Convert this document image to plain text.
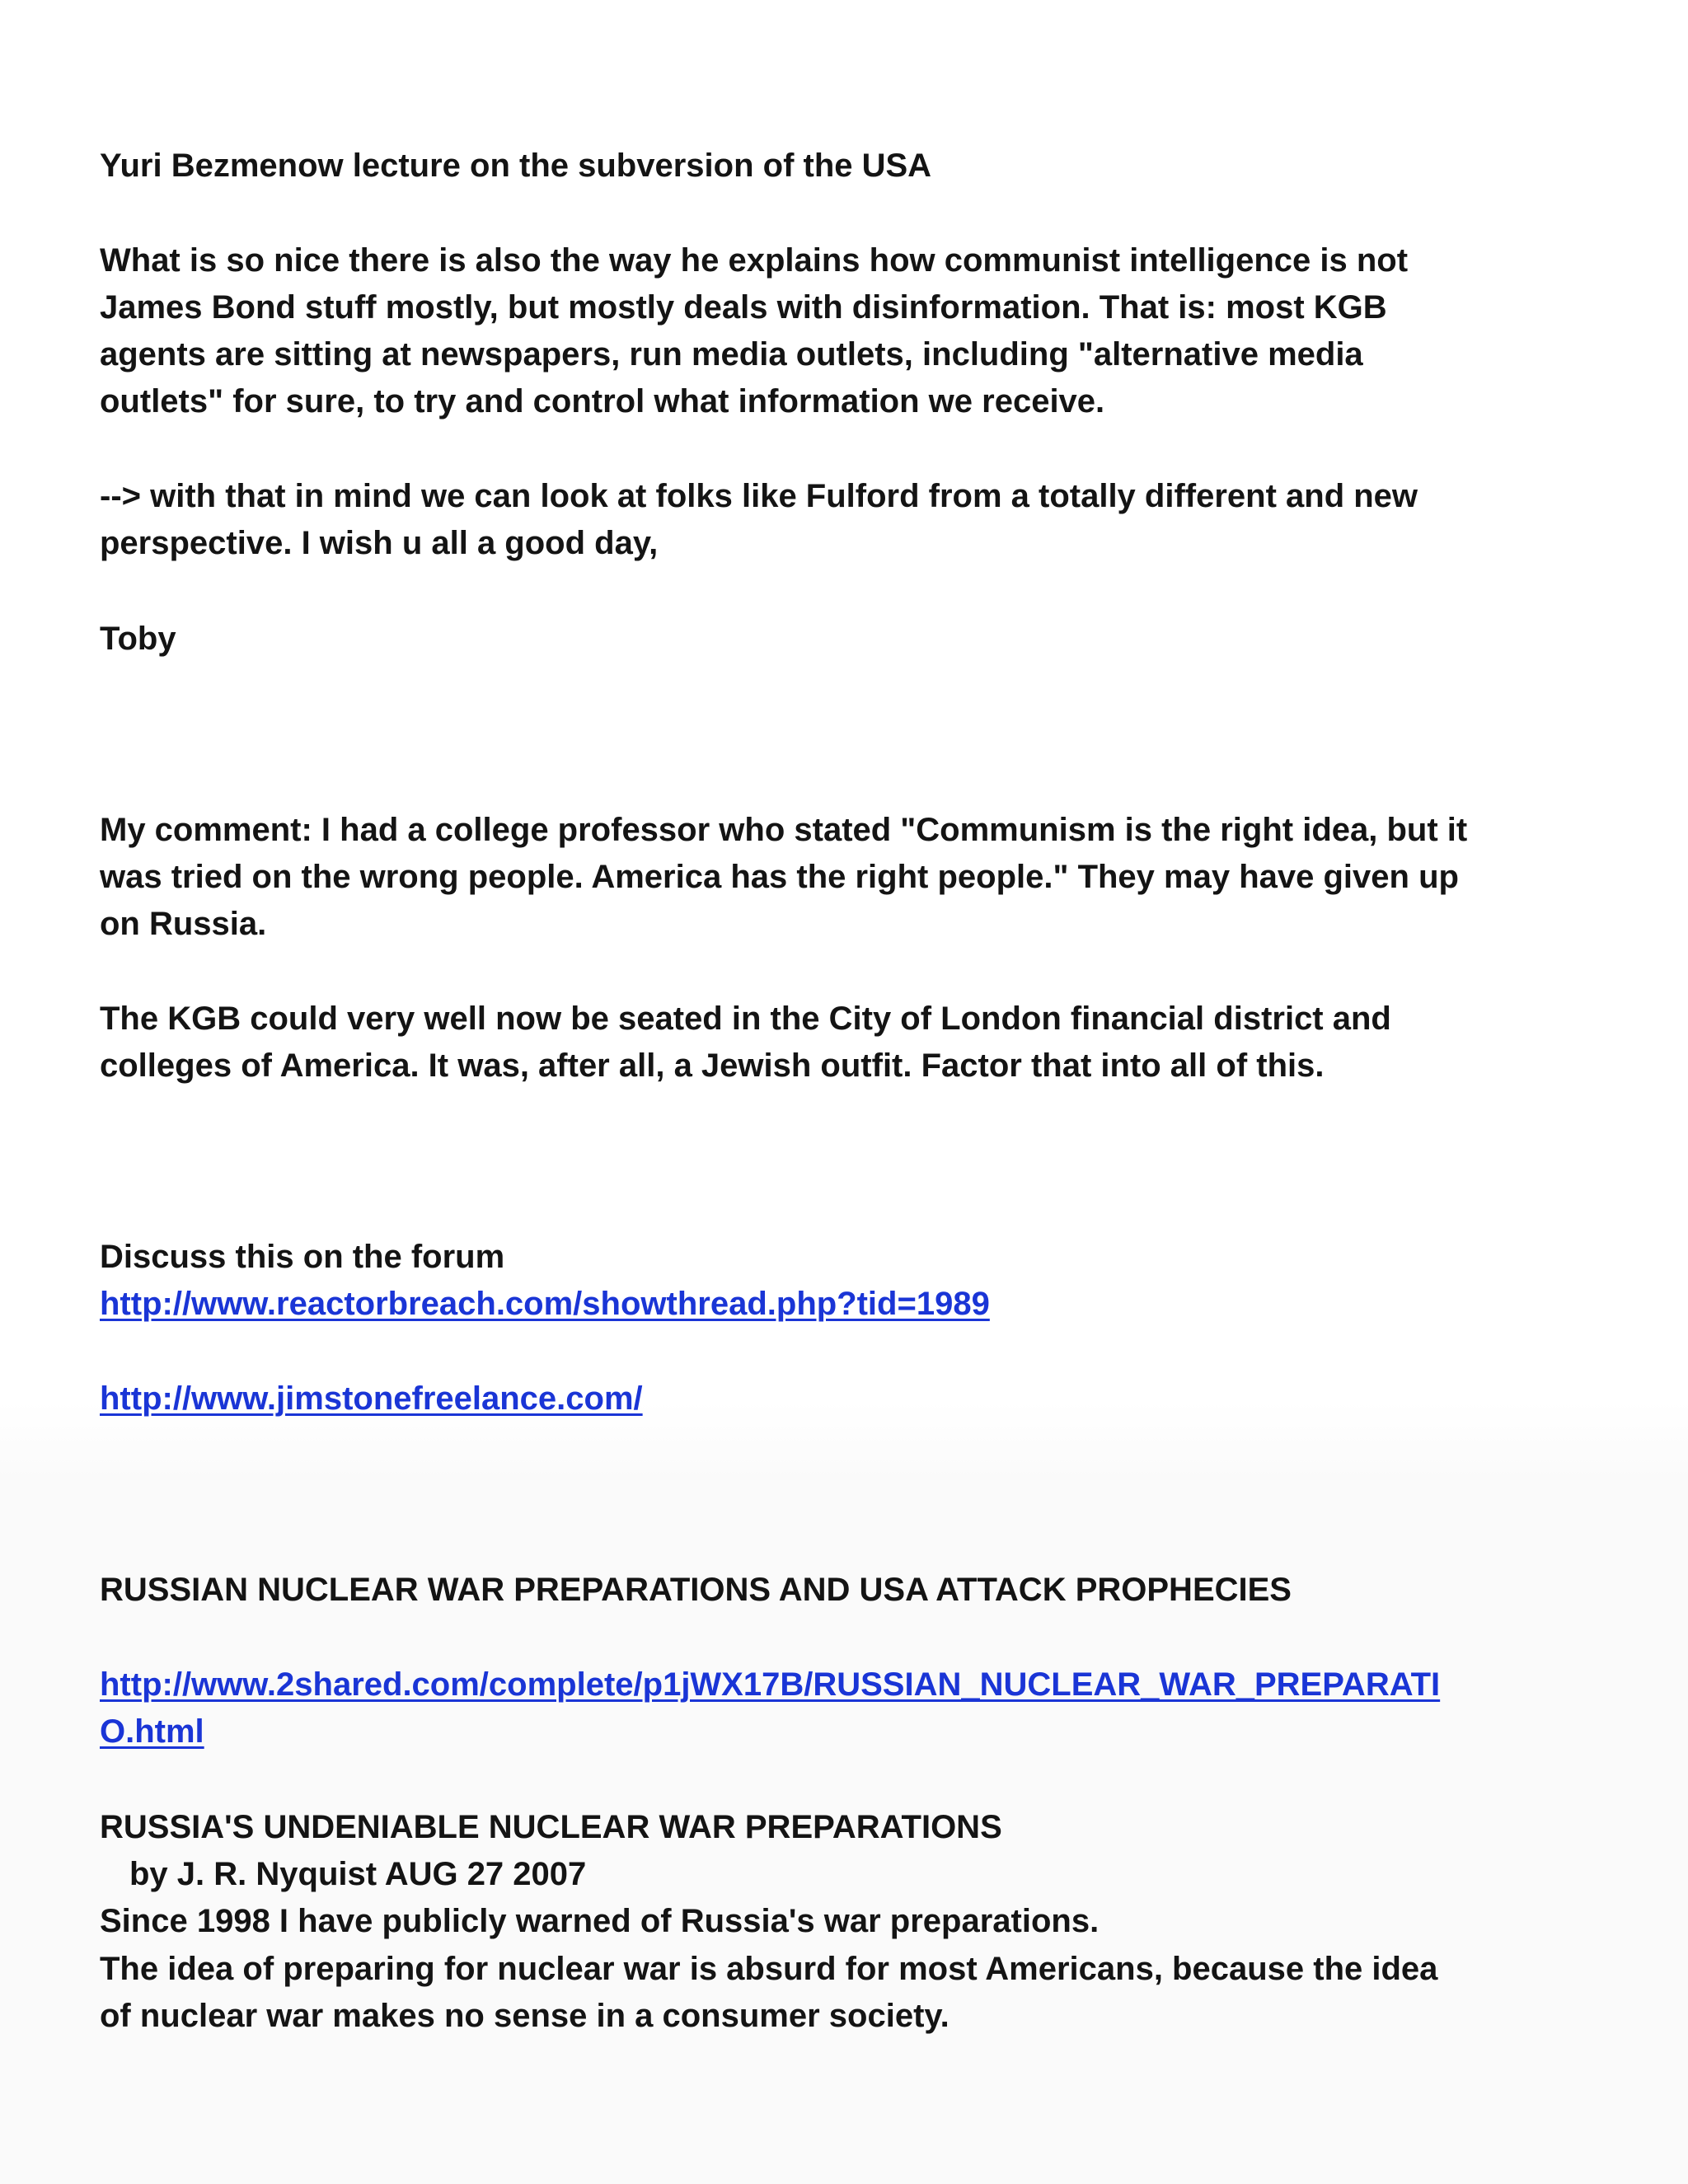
Yuri Bezmenow lecture on the subversion of the USA
What is so nice there is also the way he explains how communist intelligence is not
James Bond stuff mostly, but mostly deals with disinformation. That is: most KGB
agents are sitting at newspapers, run media outlets, including "alternative media
outlets" for sure, to try and control what information we receive.
--> with that in mind we can look at folks like Fulford from a totally different and new
perspective. I wish u all a good day,
Toby
My comment: I had a college professor who stated "Communism is the right idea, but it
was tried on the wrong people. America has the right people." They may have given up
on Russia.
The KGB could very well now be seated in the City of London financial district and
colleges of America. It was, after all, a Jewish outfit. Factor that into all of this.
Discuss this on the forum
http://www.reactorbreach.com/showthread.php?tid=1989
http://www.jimstonefreelance.com/
RUSSIAN NUCLEAR WAR PREPARATIONS AND USA ATTACK PROPHECIES
http://www.2shared.com/complete/p1jWX17B/RUSSIAN_NUCLEAR_WAR_PREPARATI
O.html
RUSSIA'S UNDENIABLE NUCLEAR WAR PREPARATIONS
by J. R. Nyquist AUG 27 2007
Since 1998 I have publicly warned of Russia's war preparations.
The idea of preparing for nuclear war is absurd for most Americans, because the idea
of nuclear war makes no sense in a consumer society.
